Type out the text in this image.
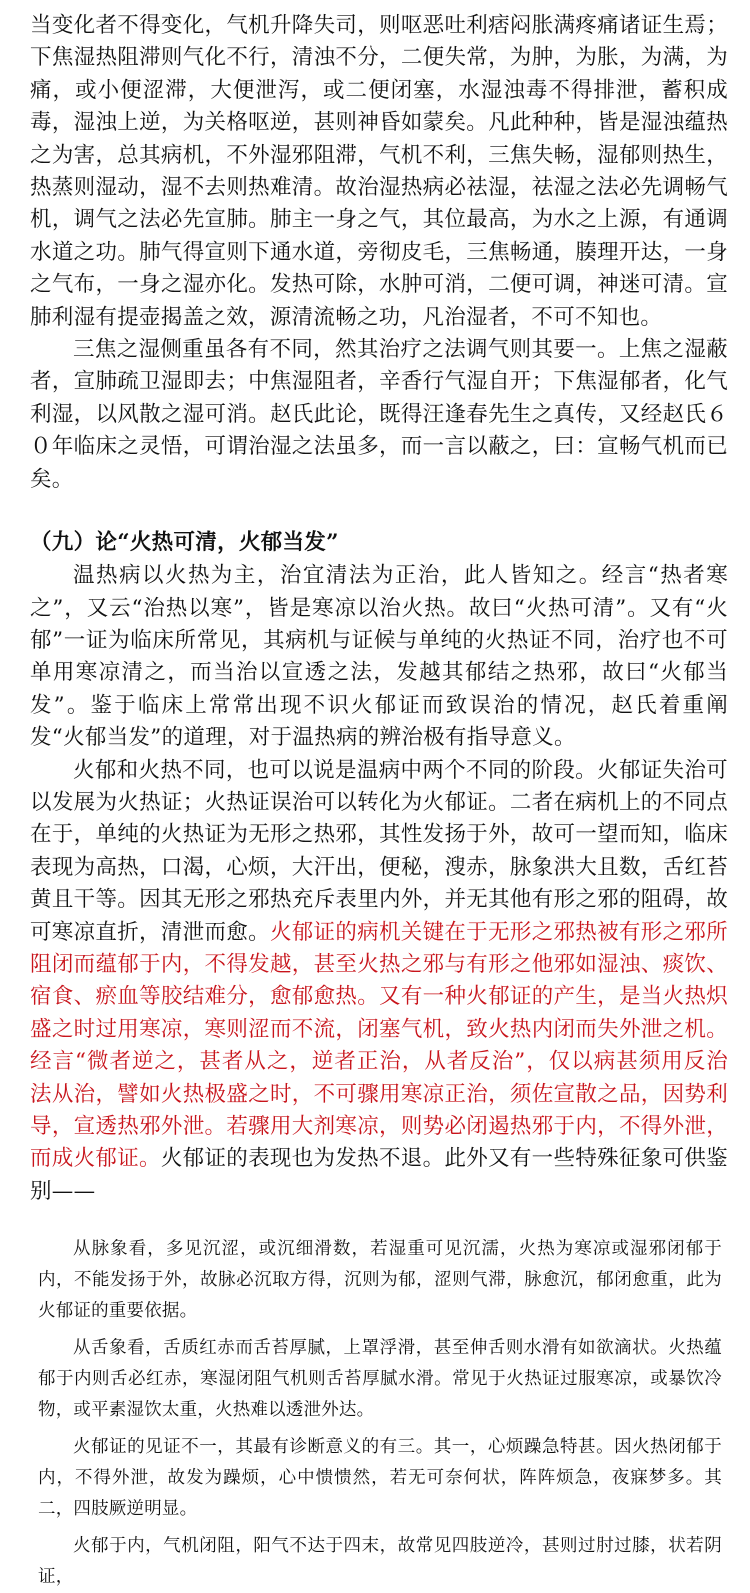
当变化者不得变化，气机升降失司，则呕恶吐利痞闷胀满疼痛诸证生焉；下焦湿热阻滞则气化不行，清浊不分，二便失常，为肿，为胀，为满，为痛，或小便涩滞，大便泄泻，或二便闭塞，水湿浊毒不得排泄，蓄积成毒，湿浊上逆，为关格呕逆，甚则神昏如蒙矣。凡此种种，皆是湿浊蕴热之为害，总其病机，不外湿邪阻滞，气机不利，三焦失畅，湿郁则热生，热蒸则湿动，湿不去则热难清。故治湿热病必祛湿，祛湿之法必先调畅气机，调气之法必先宣肺。肺主一身之气，其位最高，为水之上源，有通调水道之功。肺气得宣则下通水道，旁彻皮毛，三焦畅通，腠理开达，一身之气布，一身之湿亦化。发热可除，水肿可消，二便可调，神迷可清。宣肺利湿有提壶揭盖之效，源清流畅之功，凡治湿者，不可不知也。

三焦之湿侧重虽各有不同，然其治疗之法调气则其要一。上焦之湿蔽者，宣肺疏卫湿即去；中焦湿阻者，辛香行气湿自开；下焦湿郁者，化气利湿，以风散之湿可消。赵氏此论，既得汪逢春先生之真传，又经赵氏６０年临床之灵悟，可谓治湿之法虽多，而一言以蔽之，曰：宣畅气机而已矣。

（九）论“火热可清，火郁当发”

温热病以火热为主，治宜清法为正治，此人皆知之。经言“热者寒之”，又云“治热以寒”，皆是寒凉以治火热。故曰“火热可清”。又有“火郁”一证为临床所常见，其病机与证候与单纯的火热证不同，治疗也不可单用寒凉清之，而当治以宣透之法，发越其郁结之热邪，故曰“火郁当发”。鉴于临床上常常出现不识火郁证而致误治的情况，赵氏着重阐发“火郁当发”的道理，对于温热病的辨治极有指导意义。

火郁和火热不同，也可以说是温病中两个不同的阶段。火郁证失治可以发展为火热证；火热证误治可以转化为火郁证。二者在病机上的不同点在于，单纯的火热证为无形之热邪，其性发扬于外，故可一望而知，临床表现为高热，口渴，心烦，大汗出，便秘，溲赤，脉象洪大且数，舌红苔黄且干等。因其无形之邪热充斥表里内外，并无其他有形之邪的阻碍，故可寒凉直折，清泄而愈。火郁证的病机关键在于无形之邪热被有形之邪所阻闭而蕴郁于内，不得发越，甚至火热之邪与有形之他邪如湿浊、痰饮、宿食、瘀血等胶结难分，愈郁愈热。又有一种火郁证的产生，是当火热炽盛之时过用寒凉，寒则涩而不流，闭塞气机，致火热内闭而失外泄之机。经言“微者逆之，甚者从之，逆者正治，从者反治”，仅以病甚须用反治法从治，譬如火热极盛之时，不可骤用寒凉正治，须佐宣散之品，因势利导，宣透热邪外泄。若骤用大剂寒凉，则势必闭遏热邪于内，不得外泄，而成火郁证。火郁证的表现也为发热不退。此外又有一些特殊征象可供鉴别——

从脉象看，多见沉涩，或沉细滑数，若湿重可见沉濡，火热为寒凉或湿邪闭郁于内，不能发扬于外，故脉必沉取方得，沉则为郁，涩则气滞，脉愈沉，郁闭愈重，此为火郁证的重要依据。

从舌象看，舌质红赤而舌苔厚腻，上罩浮滑，甚至伸舌则水滑有如欲滴状。火热蕴郁于内则舌必红赤，寒湿闭阻气机则舌苔厚腻水滑。常见于火热证过服寒凉，或暴饮冷物，或平素湿饮太重，火热难以透泄外达。

火郁证的见证不一，其最有诊断意义的有三。其一，心烦躁急特甚。因火热闭郁于内，不得外泄，故发为躁烦，心中愦愦然，若无可奈何状，阵阵烦急，夜寐梦多。其二，四肢厥逆明显。

火郁于内，气机闭阻，阳气不达于四末，故常见四肢逆冷，甚则过肘过膝，状若阴证，
